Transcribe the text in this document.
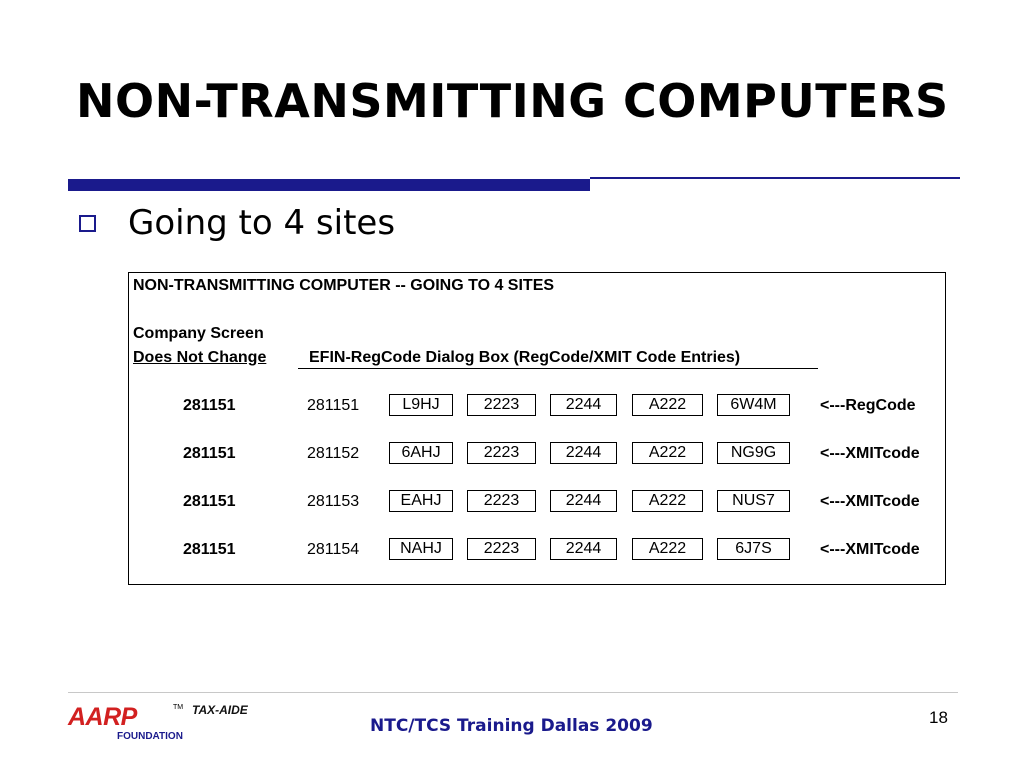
NON-TRANSMITTING COMPUTERS
Going to 4 sites
NON-TRANSMITTING COMPUTER -- GOING TO 4 SITES
Company Screen
Does Not Change	EFIN-RegCode Dialog Box (RegCode/XMIT Code Entries)
281151	281151	L9HJ	2223	2244	A222	6W4M	<---RegCode
281151	281152	6AHJ	2223	2244	A222	NG9G	<---XMITcode
281151	281153	EAHJ	2223	2244	A222	NUS7	<---XMITcode
281151	281154	NAHJ	2223	2244	A222	6J7S	<---XMITcode
AARP	TM
FOUNDATION
TAX-AIDE
NTC/TCS Training Dallas 2009	18
